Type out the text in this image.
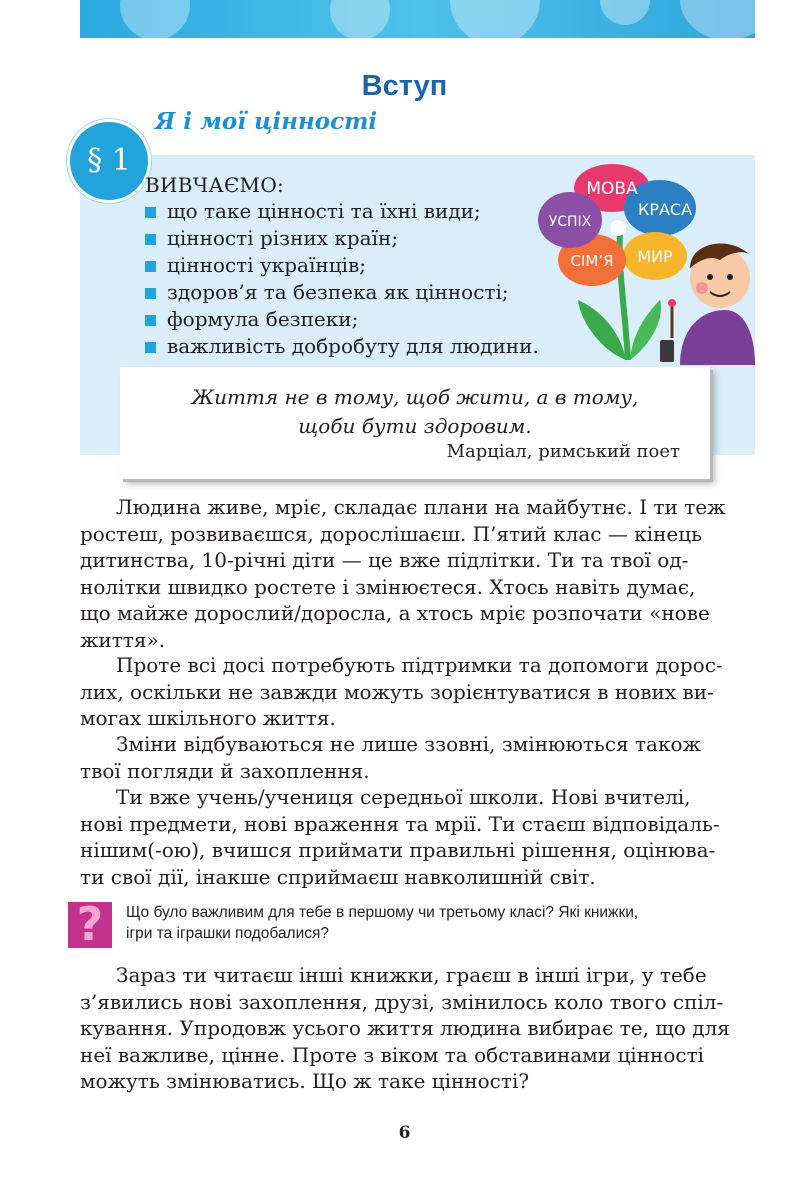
Вступ
§ 1
Я і мої цінності

ВИВЧАЄМО:

що таке цінності та їхні види;
цінності різних країн;
цінності українців;
здоров’я та безпека як цінності;
формула безпеки;
важливість добробуту для людини.
МОВА
КРАСА
МИР
СІМ’Я
УСПІХ
Життя не в тому, щоб жити, а в тому,
щоби бути здоровим.
Марціал, римський поет
Людина живе, мріє, складає плани на майбутнє. І ти теж
ростеш, розвиваєшся, дорослішаєш. П’ятий клас — кінець
дитинства, 10-річні діти — це вже підлітки. Ти та твої од-
нолітки швидко ростете і змінюєтеся. Хтось навіть думає,
що майже дорослий/доросла, а хтось мріє розпочати «нове
життя».
Проте всі досі потребують підтримки та допомоги дорос-
лих, оскільки не завжди можуть зорієнтуватися в нових ви-
могах шкільного життя.
Зміни відбуваються не лише ззовні, змінюються також
твої погляди й захоплення.
Ти вже учень/учениця середньої школи. Нові вчителі,
нові предмети, нові враження та мрії. Ти стаєш відповідаль-
нішим(-ою), вчишся приймати правильні рішення, оцінюва-
ти свої дії, інакше сприймаєш навколишній світ.
? Що було важливим для тебе в першому чи третьому класі? Які книжки,
ігри та іграшки подобалися?
Зараз ти читаєш інші книжки, граєш в інші ігри, у тебе
з’явились нові захоплення, друзі, змінилось коло твого спіл-
кування. Упродовж усього життя людина вибирає те, що для
неї важливе, цінне. Проте з віком та обставинами цінності
можуть змінюватись. Що ж таке цінності?
6
